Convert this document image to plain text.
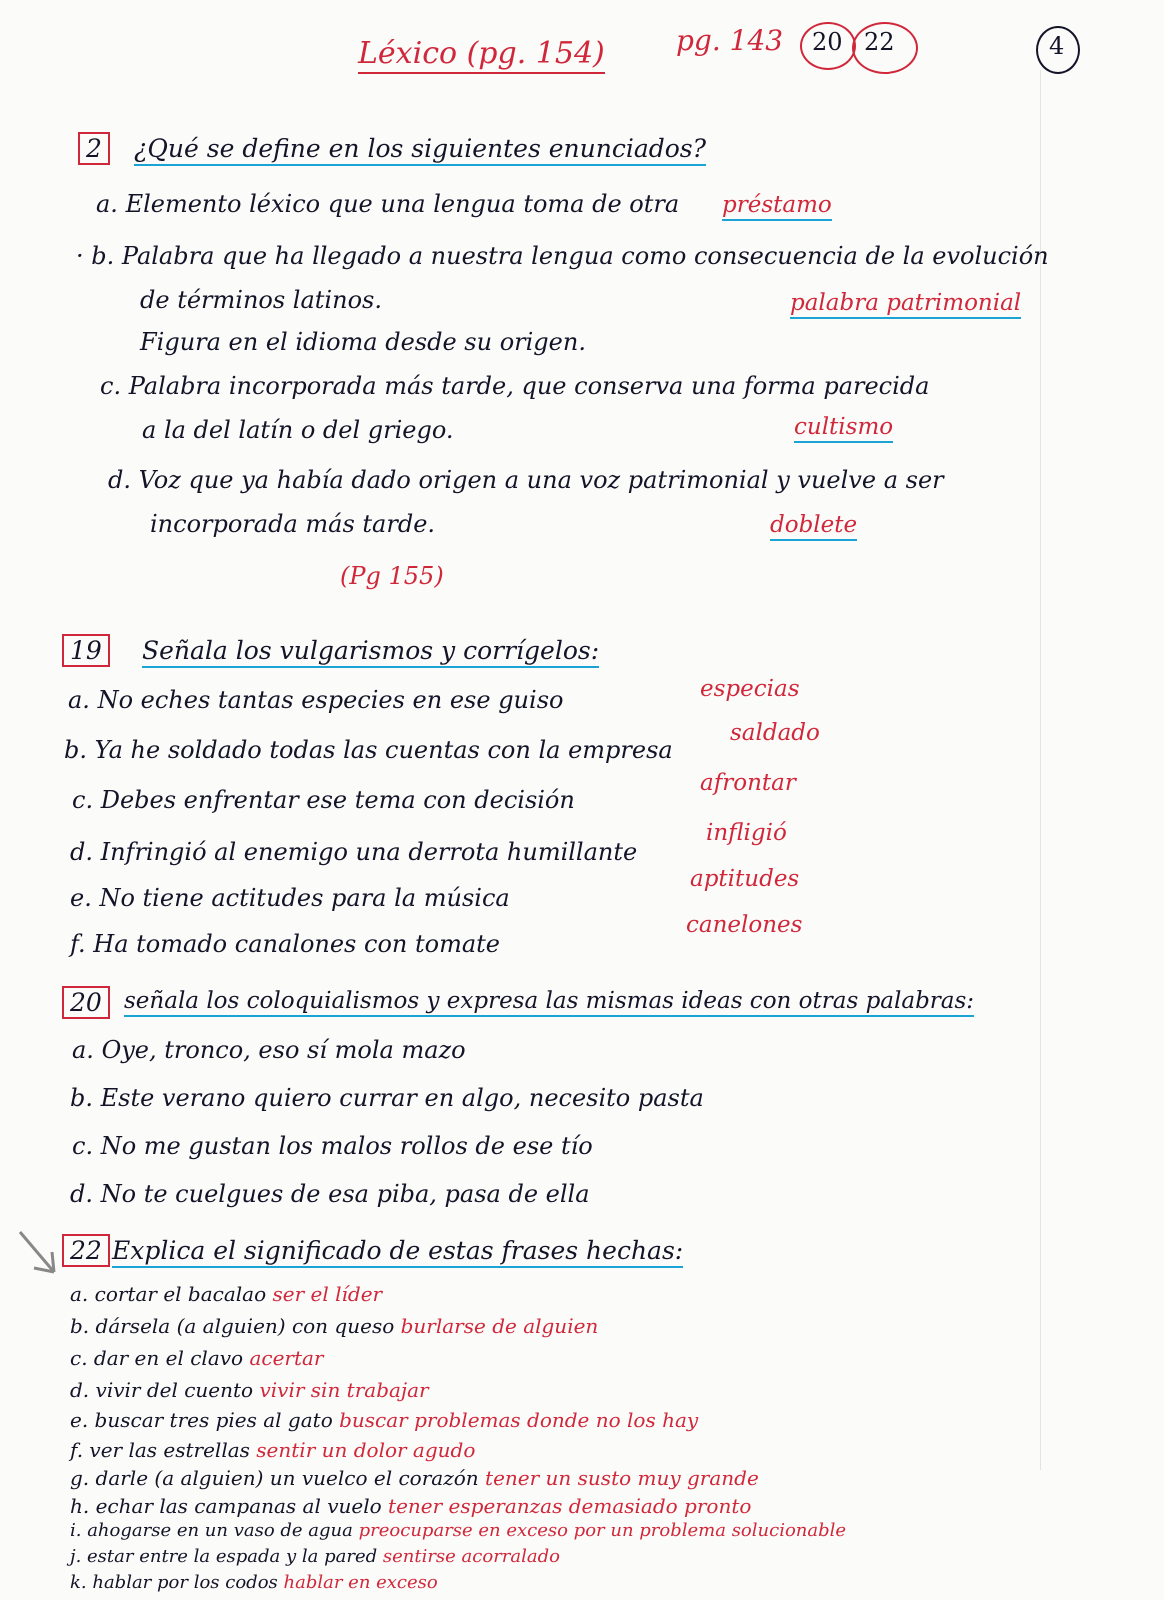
Léxico (pg. 154)	pg. 143 20 22	4
2	¿Qué se define en los siguientes enunciados?
a. Elemento léxico que una lengua toma de otra préstamo
· b. Palabra que ha llegado a nuestra lengua como consecuencia de la evolución
de términos latinos.	palabra patrimonial
Figura en el idioma desde su origen.
c. Palabra incorporada más tarde, que conserva una forma parecida
a la del latín o del griego.	cultismo
d. Voz que ya había dado origen a una voz patrimonial y vuelve a ser
incorporada más tarde.	doblete
(Pg 155)
19	Señala los vulgarismos y corrígelos:
a. No eches tantas especies en ese guiso	especias
b. Ya he soldado todas las cuentas con la empresa
saldado
c. Debes enfrentar ese tema con decisión
afrontar
d. Infringió al enemigo una derrota humillante
infligió
e. No tiene actitudes para la música
aptitudes
f. Ha tomado canalones con tomate
canelones
20 señala los coloquialismos y expresa las mismas ideas con otras palabras:
a. Oye, tronco, eso sí mola mazo
b. Este verano quiero currar en algo, necesito pasta
c. No me gustan los malos rollos de ese tío
d. No te cuelgues de esa piba, pasa de ella
22 Explica el significado de estas frases hechas:
a. cortar el bacalao ser el líder
b. dársela (a alguien) con queso burlarse de alguien
c. dar en el clavo acertar
d. vivir del cuento vivir sin trabajar
e. buscar tres pies al gato buscar problemas donde no los hay
f. ver las estrellas sentir un dolor agudo
g. darle (a alguien) un vuelco el corazón tener un susto muy grande
h. echar las campanas al vuelo tener esperanzas demasiado pronto
i. ahogarse en un vaso de agua preocuparse en exceso por un problema solucionable
j. estar entre la espada y la pared sentirse acorralado
k. hablar por los codos hablar en exceso
